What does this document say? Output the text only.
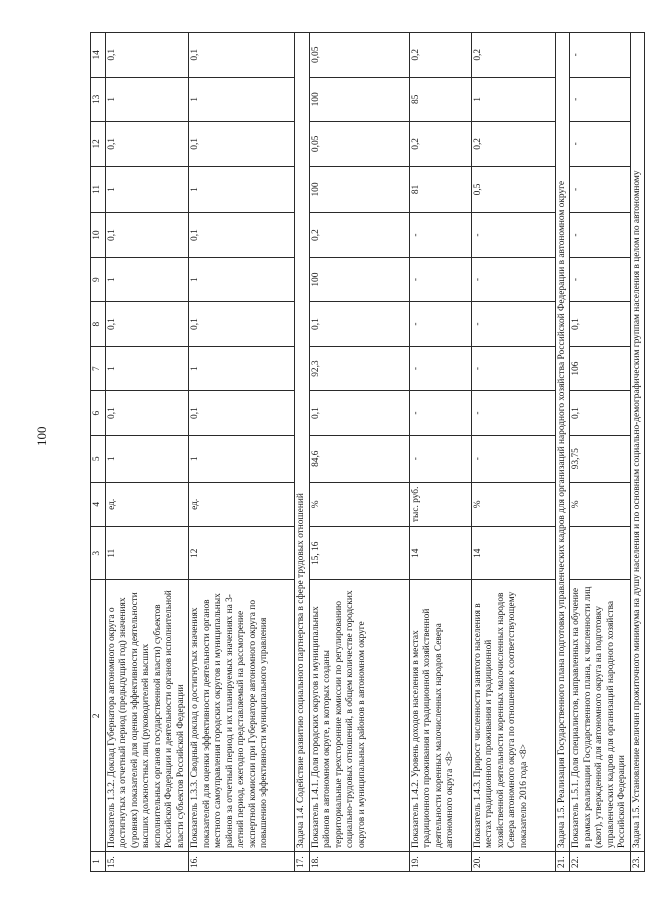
100
1	2	3	4	5	6	7	8	9	10	11	12	13	14
15.	Показатель 1.3.2. Доклад Губернатора автономного округа о достигнутых за отчетный период (предыдущий год) значениях (уровнях) показателей для оценки эффективности деятельности высших должностных лиц (руководителей высших исполнительных органов государственной власти) субъектов Российской Федерации и деятельности органов исполнительной власти субъектов Российской Федерации	11	ед.	1	0,1	1	0,1	1	0,1	1	0,1	1	0,1
16.	Показатель 1.3.3. Сводный доклад о достигнутых значениях показателей для оценки эффективности деятельности органов местного самоуправления городских округов и муниципальных районов за отчетный период и их планируемых значениях на 3-летний период, ежегодно представляемый на рассмотрение экспертной комиссии при Губернаторе автономного округа по повышению эффективности муниципального управления	12	ед.	1	0,1	1	0,1	1	0,1	1	0,1	1	0,1
17.	Задача 1.4. Содействие развитию социального партнерства в сфере трудовых отношений												
18.	Показатель 1.4.1. Доля городских округов и муниципальных районов в автономном округе, в которых созданы территориальные трехсторонние комиссии по регулированию социально-трудовых отношений, в общем количестве городских округов и муниципальных районов в автономном округе	15, 16	%	84,6	0,1	92,3	0,1	100	0,2	100	0,05	100	0,05
19.	Показатель 1.4.2. Уровень доходов населения в местах традиционного проживания и традиционной хозяйственной деятельности коренных малочисленных народов Севера автономного округа <8>	14	тыс. руб.	-	-	-	-	-	-	81	0,2	85	0,2
20.	Показатель 1.4.3. Прирост численности занятого населения в местах традиционного проживания и традиционной хозяйственной деятельности коренных малочисленных народов Севера автономного округа по отношению к соответствующему показателю 2016 года <8>	14	%	-	-	-	-	-	-	0,5	0,2	1	0,2
21.	Задача 1.5. Реализация Государственного плана подготовки управленческих кадров для организаций народного хозяйства Российской Федерации в автономном округе												
22.	Показатель 1.5.1. Доля специалистов, направленных на обучение в рамках реализации Государственного плана, к численности лиц (квот), утвержденной для автономного округа на подготовку управленческих кадров для организаций народного хозяйства Российской Федерации		%	93,75	0,1	106	0,1	-	-	-	-	-	-
23.	Задача 1.5. Установление величин прожиточного минимума на душу населения и по основным социально-демографическим группам населения в целом по автономному												
